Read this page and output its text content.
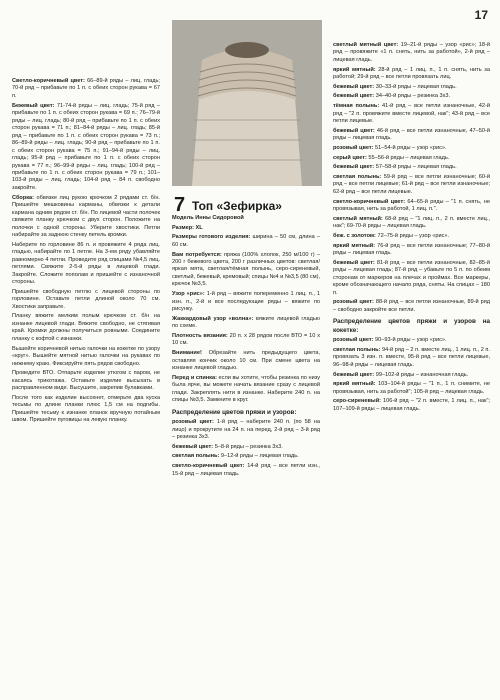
17

Светло-коричневый цвет: 66–89-й ряды – лиц. гладь; 70-й ряд – прибавьте по 1 п. с обеих сторон рукава = 67 п.

Бежевый цвет: 71-74-й ряды – лиц. гладь; 75-й ряд – прибавьте по 1 п. с обеих сторон рукава = 69 п.; 76–79-й ряды – лиц. гладь; 80-й ряд – прибавьте по 1 п. с обеих сторон рукава = 71 п.; 81–84-й ряды – лиц. гладь; 85-й ряд – прибавьте по 1 п. с обеих сторон рукава = 73 п.; 86–89-й ряды – лиц. гладь; 90-й ряд – прибавьте по 1 п. с обеих сторон рукава = 75 п.; 91–94-й ряды – лиц. гладь; 95-й ряд – прибавьте по 1 п. с обеих сторон рукава = 77 п.; 96–99-й ряды – лиц. гладь; 100-й ряд – прибавьте по 1 п. с обеих сторон рукава = 79 п.; 101–103-й ряды – лиц. гладь; 104-й ряд – 84 п. свободно закройте.

Сборка: обвязке лиц рукою крючком 2 рядами ст. б/н. Пришейте мешковины карманы, обвязки к детали кармана одним рядом ст. б/н. По лицевой части полочек свяжите планку крючком с двух сторон. Положите на полочки с одной стороны. Уберите хвостики. Петли набирайте за заднюю стенку петель кромки.

Наберите по горловине 86 п. и провяжите 4 ряда лиц. гладью, набирайте по 1 петле. На 3-ем ряду убавляйте равномерно 4 петли. Проведите ряд спицами №4,5 лиц. петлями. Свяжите 2-5-й ряды в лицевой глади. Закройте. Сложите пополам и пришейте с изнаночной стороны.

Пришейте свободную петлю с лицевой стороны по горловине. Оставьте петли длиной около 70 см. Хвостики заправьте.

Планку вяжите мелким полым крючком ст. б/н на изнанке лицевой глади. Вяжите свободно, не стягивая край. Кромки должны получиться ровными. Соедините планку с кофтой с изнанки.

Вышейте коричневой нитью галочки на кокетке по узору «круг». Вышейте мятной нитью галочки на рукавах по нижнему краю. Фиксируйте пять рядов свободно.

Проведите ВТО. Отпарьте изделие утюгом с паром, не касаясь трикотажа. Оставьте изделие высыхать в расправленном виде. Высушите, закрепив булавками.

После того как изделие высохнет, отмерьте два куска тесьмы по длине планки плюс 1,5 см на подгибы. Пришейте тесьму к изнанке планок вручную потайным швом. Пришейте пуговицы на левую планку.

7 Топ «Зефирка»

Модель Инны Сидоровой

Размер: XL

Размеры готового изделия: ширина – 50 см, длина – 60 см.

Вам потребуется: пряжа (100% хлопок, 250 м/100 г) – 200 г бежевого цвета, 200 г различных цветов: светлая/яркая мята, светлая/тёмная полынь, серо-сиреневый, светлый, бежевый, кремовый; спицы №4 и №3,5 (80 см), крючок №3,5.

Узор «рис»: 1-й ряд – вяжите попеременно 1 лиц. п., 1 изн. п., 2-й и все последующие ряды – вяжите по рисунку.

Жаккардовый узор «волна»: вяжите лицевой гладью по схеме.

Плотность вязания: 20 п. х 28 рядов после ВТО = 10 х 10 см.

Внимание! Обрезайте нить предыдущего цвета, оставляя кончик около 10 см. При смене цвета на изнанке лицевой гладью.

Перед и спинка: если вы хотите, чтобы резинка по низу была ярче, вы можете начать вязание сразу с лицевой глади. Закреплять нити в изнанке. Наберите 240 п. на спицы №3,5. Замкните в круг.

Распределение цветов пряжи и узоров:

розовый цвет: 1-й ряд – наберите 240 п. (по 58 на лицо) и прокрутите на 24 п. на перед, 2-й ряд – 3-й ряд – резинка 3х3.

бежевый цвет: 5–8-й ряды – резинка 3х3.

светлая полынь: 9–12-й ряды – лицевая гладь.

светло-коричневый цвет: 14-й ряд – все петли изн., 15-й ряд – лицевая гладь.

светлый мятный цвет: 19–21-й ряды – узор «рис»; 18-й ряд – провяжите «1 п. снять, нить за работой», 2-й ряд – лицевая гладь.

яркий мятный: 28-й ряд – 1 лиц. п., 1 п. снять, нить за работой; 29-й ряд – все петли провязать лиц.

бежевый цвет: 30–33-й ряды – лицевая гладь.

бежевый цвет: 34–40-й ряды – резинка 3х3.

тёмная полынь: 41-й ряд – все петли изнаночные, 42-й ряд – "2 п. провяжите вместе лицевой, нак"; 43-й ряд – все петли лицевые.

бежевый цвет: 46-й ряд – все петли изнаночные, 47–50-й ряды – лицевая гладь.

розовый цвет: 51–54-й ряды – узор «рис».

серый цвет: 55–56-й ряды – лицевая гладь.

бежевый цвет: 57–58-й ряды – лицевая гладь.

светлая полынь: 59-й ряд – все петли изнаночные; 60-й ряд – все петли лицевые; 61-й ряд – все петли изнаночные; 62-й ряд – все петли лицевые.

светло-коричневый цвет: 64–65-й ряды – "1 п. снять, не провязывая, нить за работой, 1 лиц. п.".

светлый мятный: 68-й ряд – "1 лиц. п., 2 п. вместе лиц., нак"; 69-70-й ряды – лицевая гладь.

беж. с золотом: 72–75-й ряды – узор «рис».

яркий мятный: 76-й ряд – все петли изнаночные; 77–80-й ряды – лицевая гладь.

бежевый цвет: 81-й ряд – все петли изнаночные, 82–85-й ряды – лицевая гладь; 87-й ряд – убавьте по 5 п. по обеим сторонам от маркеров на плечах и проймах. Все маркеры, кроме обозначающего начало ряда, сняты. На спицах – 180 п.

розовый цвет: 88-й ряд – все петли изнаночные, 89-й ряд – свободно закройте все петли.

Распределение цветов пряжи и узоров на кокетке:

розовый цвет: 90–93-й ряды – узор «рис».

светлая полынь: 94-й ряд – 2 п. вместе лиц., 1 лиц. п., 2 п. провязать 3 изн. п. вместе, 95-й ряд – все петли лицевые, 96–98-й ряды – лицевая гладь.

бежевый цвет: 99–102-й ряды – изнаночная гладь.

яркий мятный: 103–104-й ряды – "1 п., 1 п. снимите, не провязывая, нить за работой"; 105-й ряд – лицевая гладь.

серо-сиреневый: 106-й ряд – "2 п. вместе, 1 лиц. п., нак"; 107–109-й ряды – лицевая гладь.
